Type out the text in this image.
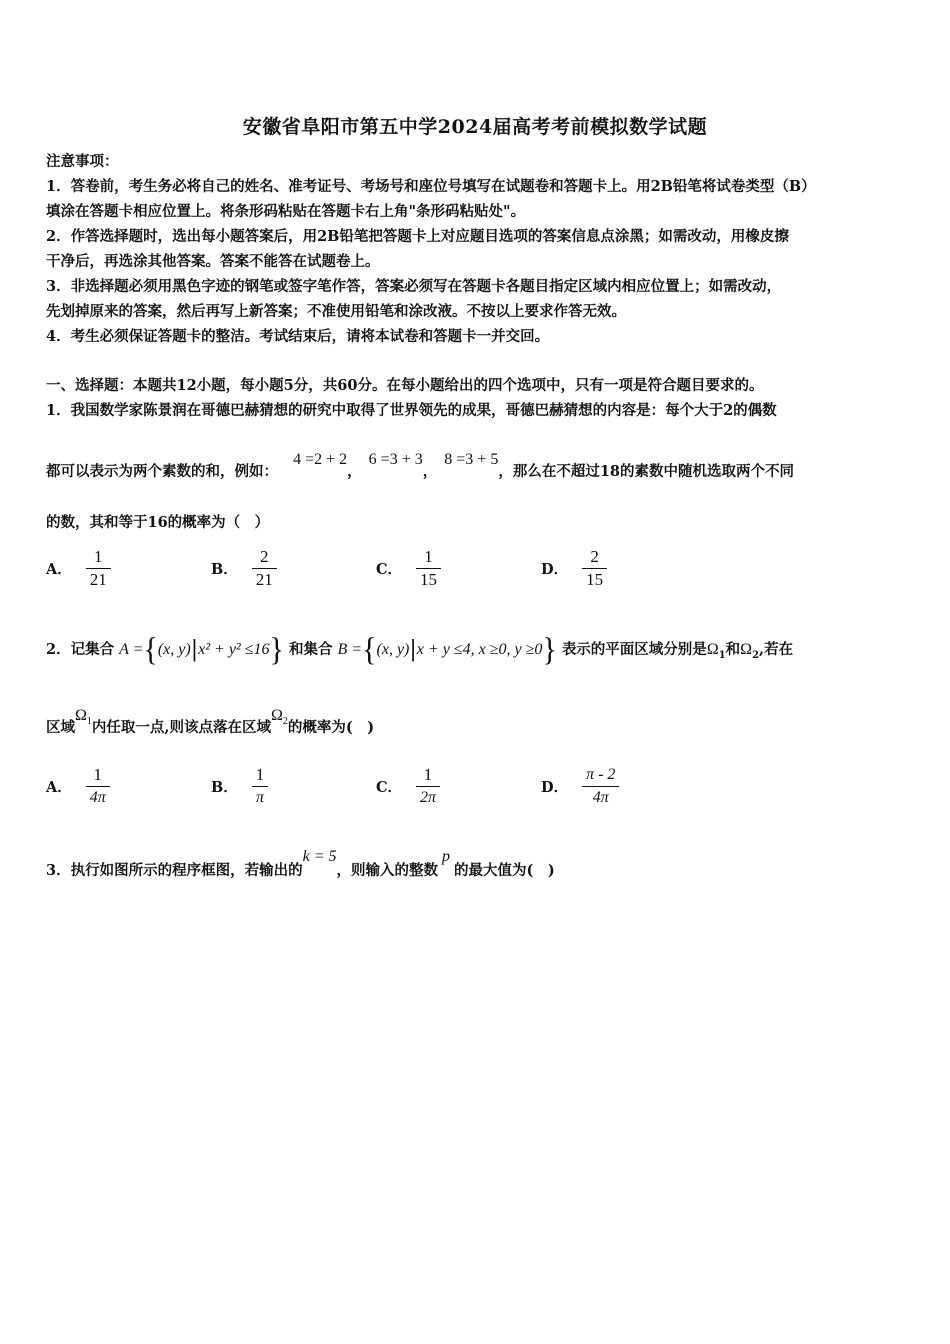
安徽省阜阳市第五中学2024届高考考前模拟数学试题
注意事项：
1．答卷前，考生务必将自己的姓名、准考证号、考场号和座位号填写在试题卷和答题卡上。用2B铅笔将试卷类型（B）
填涂在答题卡相应位置上。将条形码粘贴在答题卡右上角"条形码粘贴处"。
2．作答选择题时，选出每小题答案后，用2B铅笔把答题卡上对应题目选项的答案信息点涂黑；如需改动，用橡皮擦
干净后，再选涂其他答案。答案不能答在试题卷上。
3．非选择题必须用黑色字迹的钢笔或签字笔作答，答案必须写在答题卡各题目指定区域内相应位置上；如需改动，
先划掉原来的答案，然后再写上新答案；不准使用铅笔和涂改液。不按以上要求作答无效。
4．考生必须保证答题卡的整洁。考试结束后，请将本试卷和答题卡一并交回。
一、选择题：本题共12小题，每小题5分，共60分。在每小题给出的四个选项中，只有一项是符合题目要求的。
1．我国数学家陈景润在哥德巴赫猜想的研究中取得了世界领先的成果，哥德巴赫猜想的内容是：每个大于2的偶数
都可以表示为两个素数的和，例如： 4 =2 + 2， 6 =3 + 3， 8 =3 + 5，那么在不超过18的素数中随机选取两个不同
的数，其和等于16的概率为（　）
A． $\frac{1}{21}$	B． $\frac{2}{21}$	C． $\frac{1}{15}$	D． $\frac{2}{15}$
2．记集合 A ={(x, y)|x² + y² ≤16} 和集合 B ={(x, y)|x + y ≤4, x ≥0, y ≥0} 表示的平面区域分别是$\Omega_1$和$\Omega_2$,若在
区域$\Omega_1$内任取一点,则该点落在区域$\Omega_2$的概率为(　)
A． $\frac{1}{4\pi}$	B． $\frac{1}{\pi}$	C． $\frac{1}{2\pi}$	D． $\frac{\pi - 2}{4\pi}$
3．执行如图所示的程序框图，若输出的k = 5，则输入的整数p的最大值为(　)
